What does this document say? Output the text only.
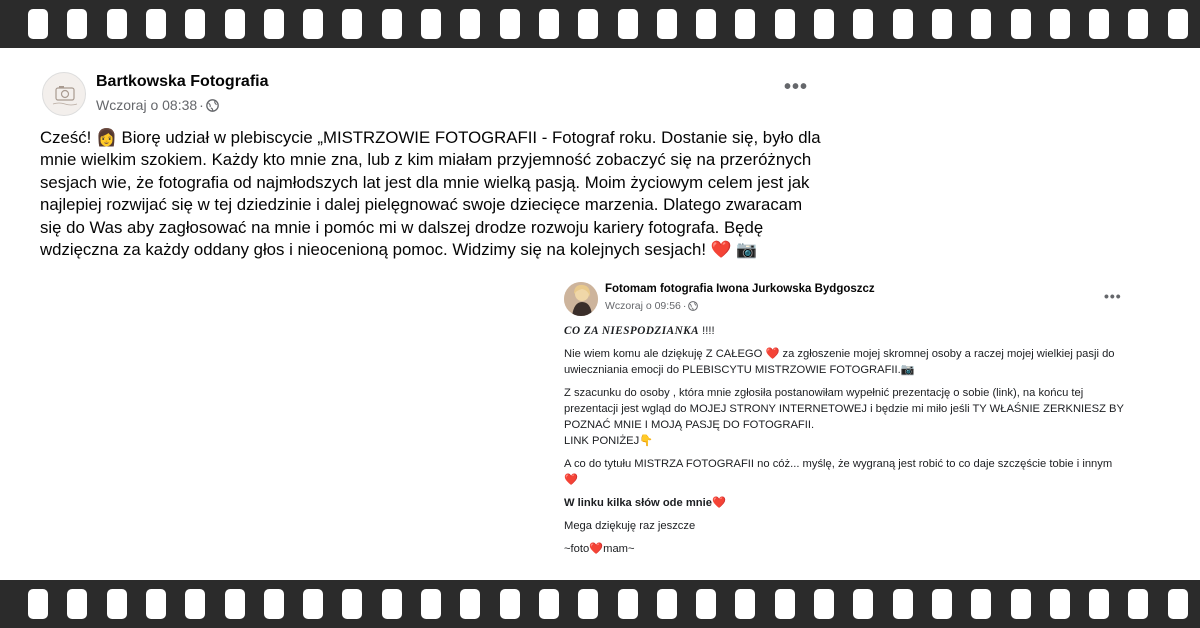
Bartkowska Fotografia
Wczoraj o 08:38 ·
•••
Cześć! 👩 Biorę udział w plebiscycie „MISTRZOWIE FOTOGRAFII - Fotograf roku. Dostanie się, było dla mnie wielkim szokiem. Każdy kto mnie zna, lub z kim miałam przyjemność zobaczyć się na przeróżnych sesjach wie, że fotografia od najmłodszych lat jest dla mnie wielką pasją. Moim życiowym celem jest jak najlepiej rozwijać się w tej dziedzinie i dalej pielęgnować swoje dziecięce marzenia. Dlatego zwaracam się do Was aby zagłosować na mnie i pomóc mi w dalszej drodze rozwoju kariery fotografa. Będę wdzięczna za każdy oddany głos i nieocenioną pomoc. Widzimy się na kolejnych sesjach! ❤️ 📷
Fotomam fotografia Iwona Jurkowska Bydgoszcz
Wczoraj o 09:56 ·
•••

CO ZA NIESPODZIANKA !!!!

Nie wiem komu ale dziękuję Z CAŁEGO ❤️ za zgłoszenie mojej skromnej osoby a raczej mojej wielkiej pasji do uwieczniania emocji do PLEBISCYTU MISTRZOWIE FOTOGRAFII.📷

Z szacunku do osoby , która mnie zgłosiła postanowiłam wypełnić prezentację o sobie (link), na końcu tej prezentacji jest wgląd do MOJEJ STRONY INTERNETOWEJ i będzie mi miło jeśli TY WŁAŚNIE ZERKNIESZ BY POZNAĆ MNIE I MOJĄ PASJĘ DO FOTOGRAFII.
LINK PONIŻEJ👇

A co do tytułu MISTRZA FOTOGRAFII no cóż... myślę, że wygraną jest robić to co daje szczęście tobie i innym ❤️

W linku kilka słów ode mnie❤️

Mega dziękuję raz jeszcze

~foto❤️mam~
